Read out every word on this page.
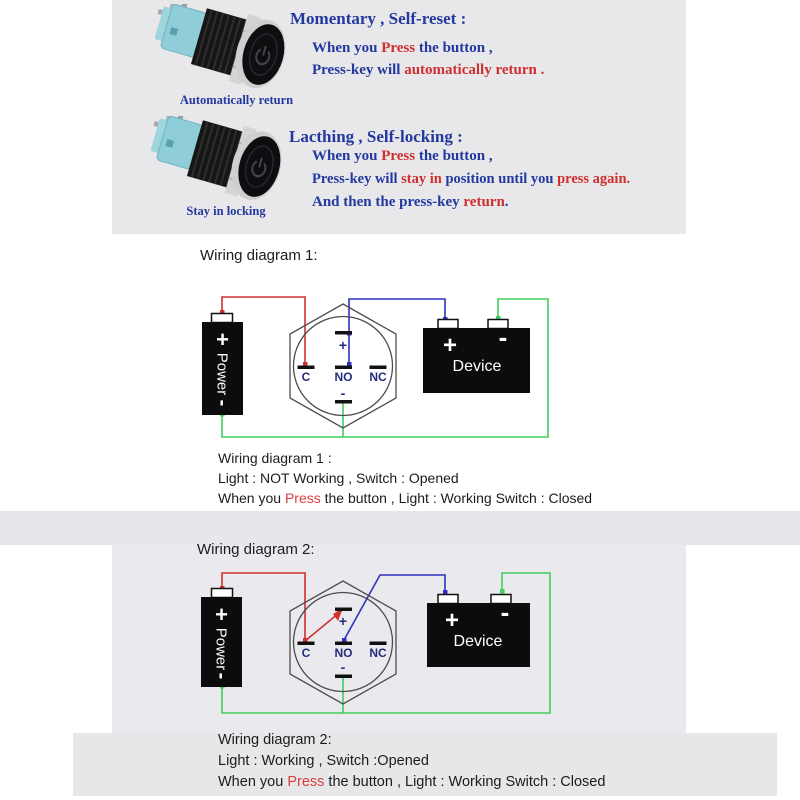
Automatically return
Stay in locking
Momentary , Self-reset :
When you Press the button ,
Press-key will automatically return .
Lacthing , Self-locking :
When you Press the button ,
Press-key will stay in position until you press again.
And then the press-key return.
Wiring diagram 1:
+
Power
-
+
C NO NC
-
+ -
Device
Wiring diagram 1 :
Light : NOT Working , Switch : Opened
When you Press the button , Light : Working Switch : Closed
Wiring diagram 2:
+
Power
-
+
C NO NC
-
+ -
Device
Wiring diagram 2:
Light : Working , Switch :Opened
When you Press the button , Light : Working Switch : Closed
